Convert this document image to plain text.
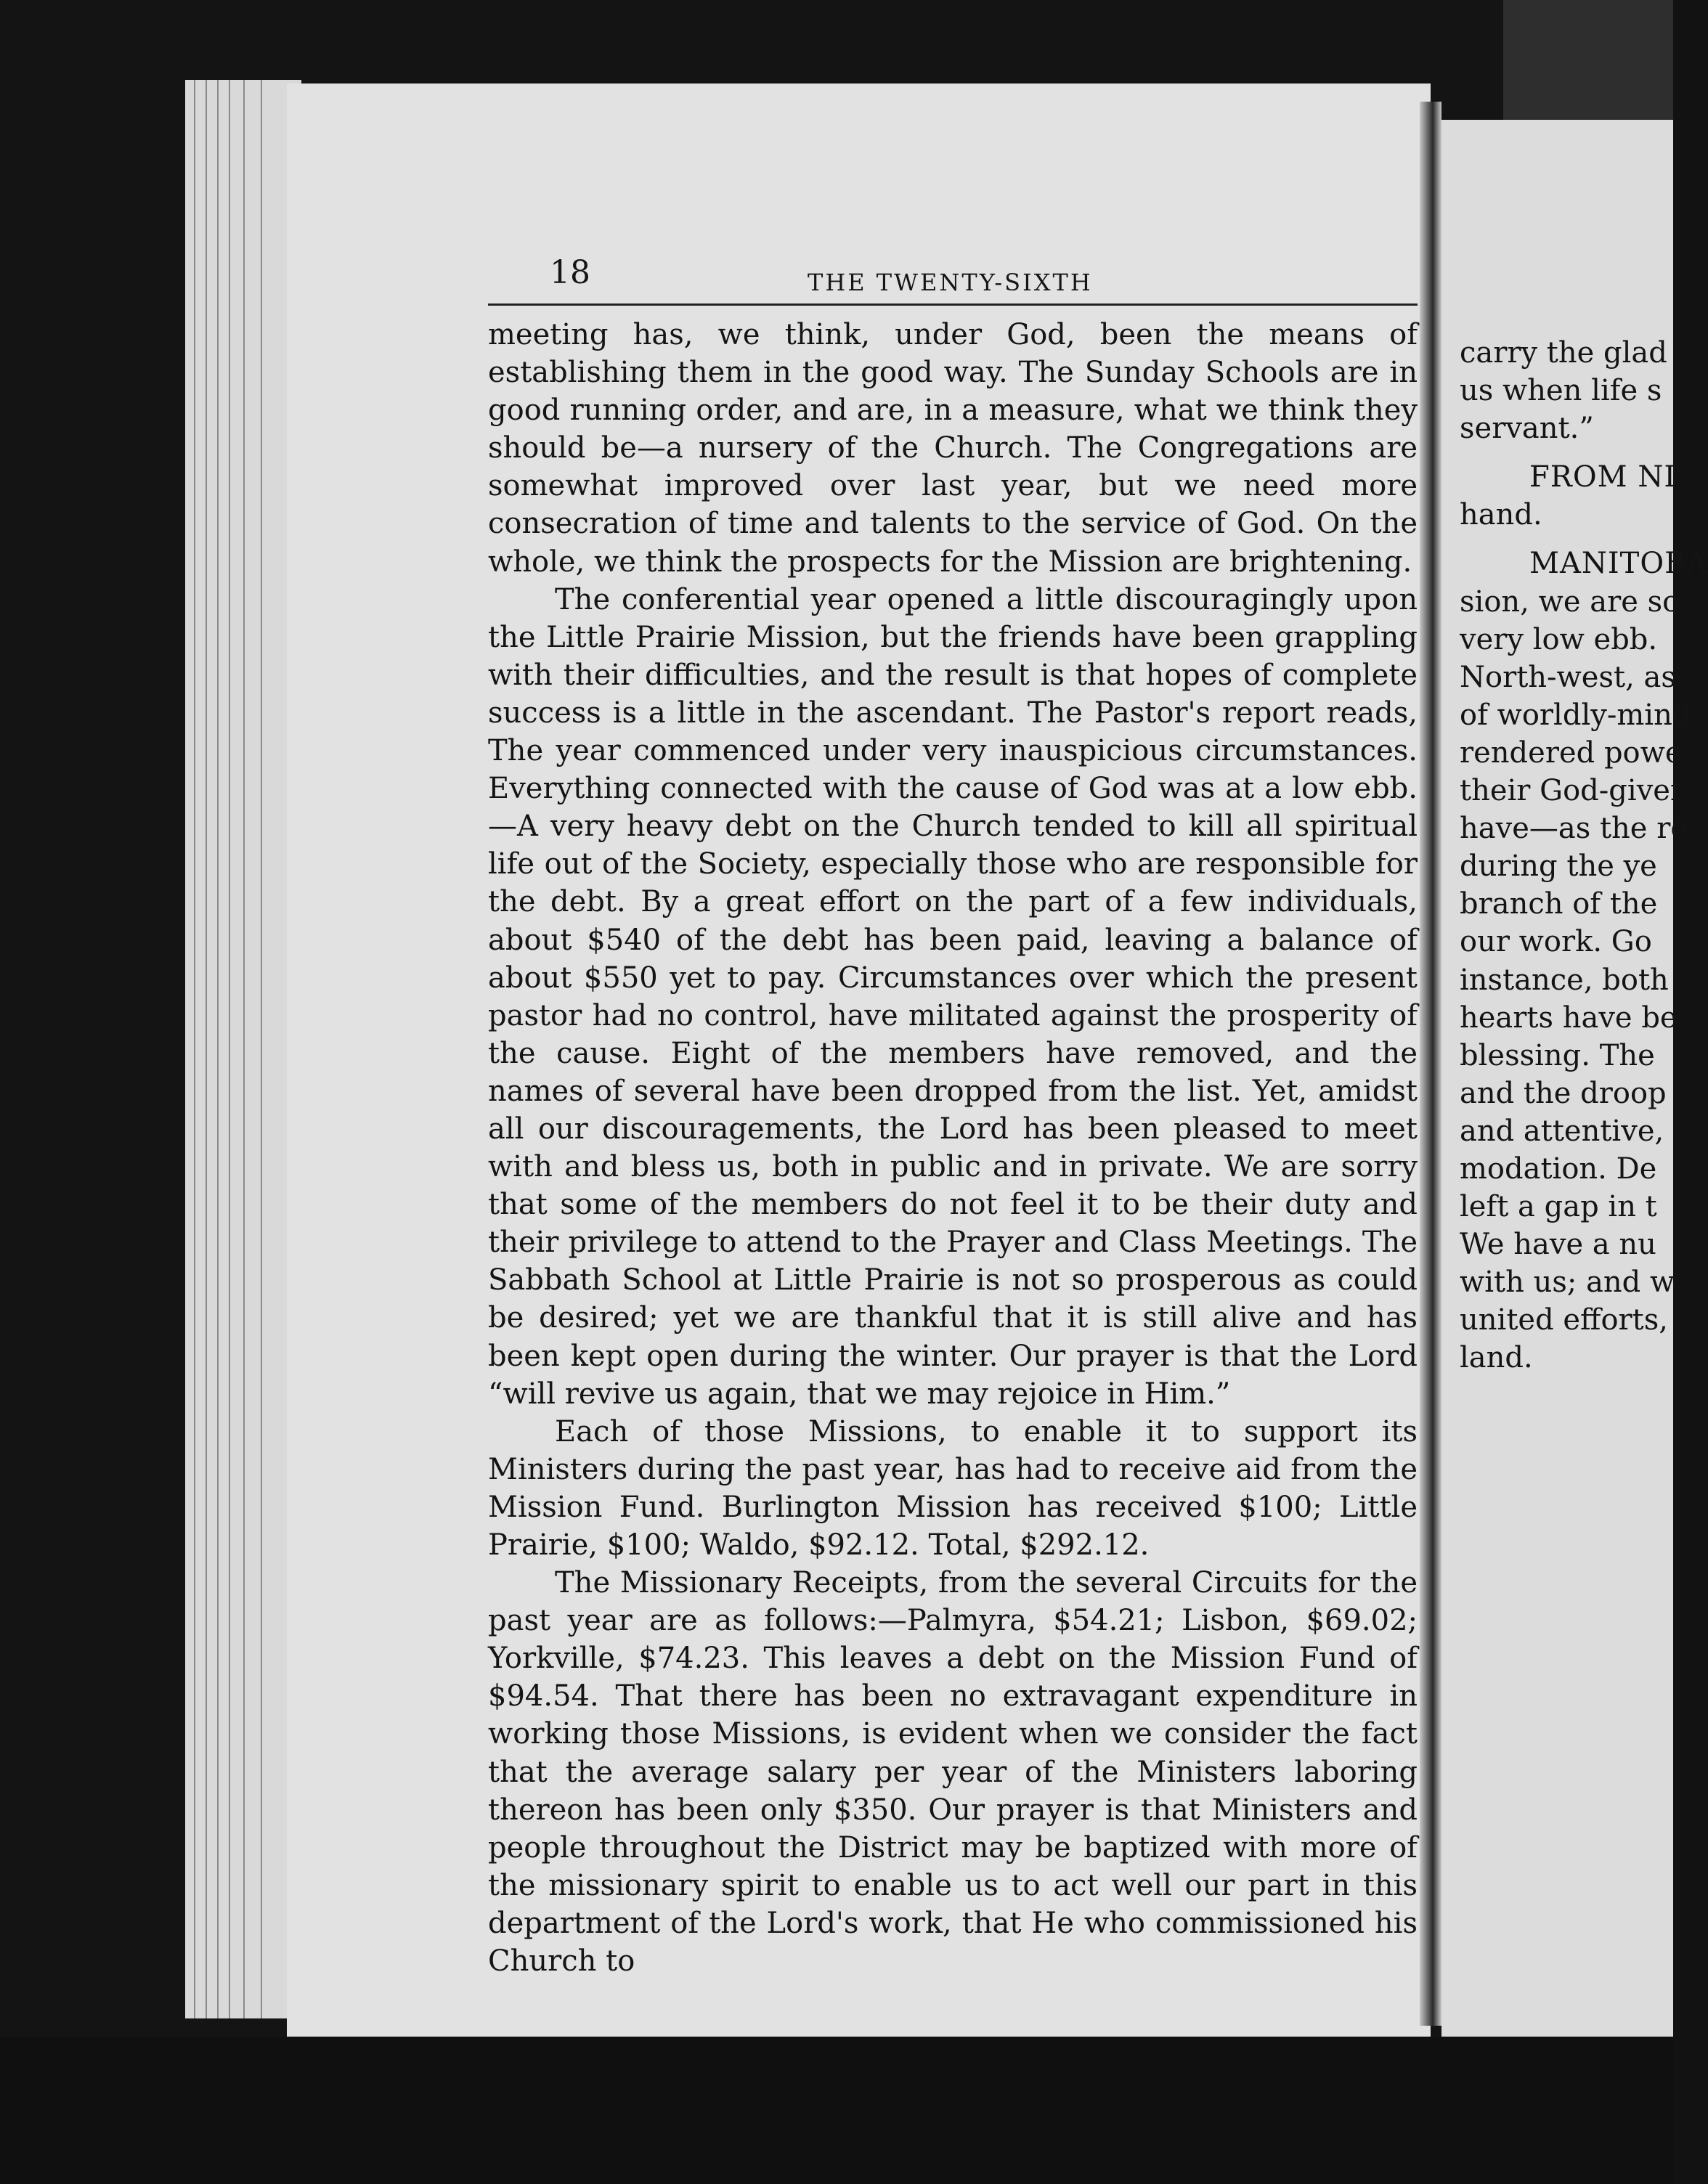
18	THE TWENTY-SIXTH

meeting has, we think, under God, been the means of establishing them in the good way. The Sunday Schools are in good running order, and are, in a measure, what we think they should be—a nursery of the Church. The Congregations are somewhat improved over last year, but we need more consecration of time and talents to the service of God. On the whole, we think the prospects for the Mission are brightening.

The conferential year opened a little discouragingly upon the Little Prairie Mission, but the friends have been grappling with their difficulties, and the result is that hopes of complete success is a little in the ascendant. The Pastor's report reads, The year commenced under very inauspicious circumstances. Everything connected with the cause of God was at a low ebb.—A very heavy debt on the Church tended to kill all spiritual life out of the Society, especially those who are responsible for the debt. By a great effort on the part of a few individuals, about $540 of the debt has been paid, leaving a balance of about $550 yet to pay. Circumstances over which the present pastor had no control, have militated against the prosperity of the cause. Eight of the members have removed, and the names of several have been dropped from the list. Yet, amidst all our discouragements, the Lord has been pleased to meet with and bless us, both in public and in private. We are sorry that some of the members do not feel it to be their duty and their privilege to attend to the Prayer and Class Meetings. The Sabbath School at Little Prairie is not so prosperous as could be desired; yet we are thankful that it is still alive and has been kept open during the winter. Our prayer is that the Lord “will revive us again, that we may rejoice in Him.”

Each of those Missions, to enable it to support its Ministers during the past year, has had to receive aid from the Mission Fund. Burlington Mission has received $100; Little Prairie, $100; Waldo, $92.12. Total, $292.12.

The Missionary Receipts, from the several Circuits for the past year are as follows:—Palmyra, $54.21; Lisbon, $69.02; Yorkville, $74.23. This leaves a debt on the Mission Fund of $94.54. That there has been no extravagant expenditure in working those Missions, is evident when we consider the fact that the average salary per year of the Ministers laboring thereon has been only $350. Our prayer is that Ministers and people throughout the District may be baptized with more of the missionary spirit to enable us to act well our part in this department of the Lord's work, that He who commissioned his Church to

carry the glad
us when life s
servant.”
FROM NI
hand.
MANITOBA
sion, we are so
very low ebb.
North-west, as
of worldly-mind
rendered powe
their God-giver
have—as the re
during the ye
branch of the
our work. Go
instance, both
hearts have be
blessing. The
and the droop
and attentive,
modation. De
left a gap in t
We have a nu
with us; and w
united efforts,
land.
